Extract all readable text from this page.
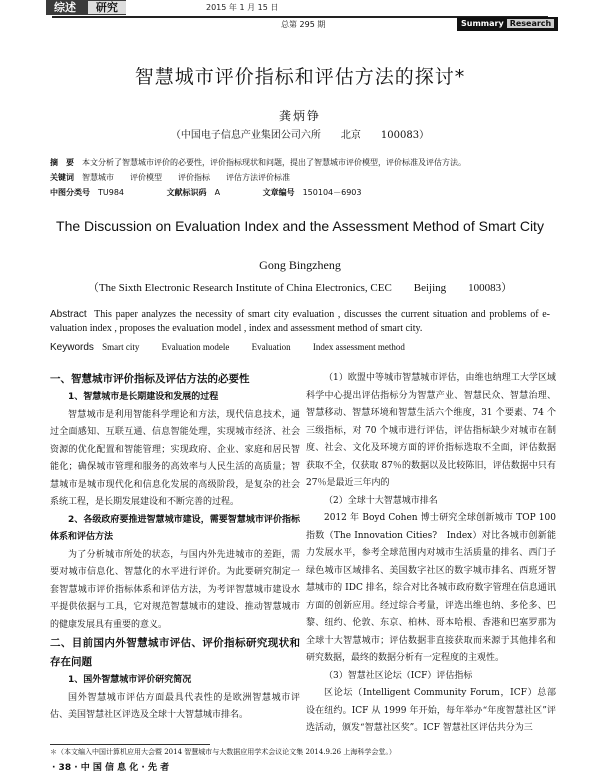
综述 研究	2015 年 1 月 15 日
总第 295 期	Summary Research
智慧城市评价指标和评估方法的探讨*
龚炳铮
（中国电子信息产业集团公司六所　　北京　　100083）
摘　要 本文分析了智慧城市评价的必要性，评价指标现状和问题，提出了智慧城市评价模型，评价标准及评估方法。
关键词 智慧城市　　评价模型　　评价指标　　评估方法评价标准
中图分类号 TU984	文献标识码 A	文章编号 150104－6903
The Discussion on Evaluation Index and the Assessment Method of Smart City
Gong Bingzheng
（The Sixth Electronic Research Institute of China Electronics, CEC　　Beijing　　100083）
Abstract This paper analyzes the necessity of smart city evaluation , discusses the current situation and problems of e-valuation index , proposes the evaluation model , index and assessment method of smart city.
Keywords Smart city Evaluation modele Evaluation Index assessment method

一、智慧城市评价指标及评估方法的必要性

1、智慧城市是长期建设和发展的过程

智慧城市是利用智能科学理论和方法，现代信息技术，通过全面感知、互联互通、信息智能处理，实现城市经济、社会资源的优化配置和智能管理；实现政府、企业、家庭和居民智能化；确保城市管理和服务的高效率与人民生活的高质量；智慧城市是城市现代化和信息化发展的高级阶段，是复杂的社会系统工程，是长期发展建设和不断完善的过程。

2、各级政府要推进智慧城市建设，需要智慧城市评价指标体系和评估方法

为了分析城市所处的状态，与国内外先进城市的差距，需要对城市信息化、智慧化的水平进行评价。为此要研究制定一套智慧城市评价指标体系和评估方法，为考评智慧城市建设水平提供依据与工具，它对规范智慧城市的建设、推动智慧城市的健康发展具有重要的意义。

二、目前国内外智慧城市评估、评价指标研究现状和存在问题

1、国外智慧城市评价研究简况

国外智慧城市评估方面最具代表性的是欧洲智慧城市评估、美国智慧社区评选及全球十大智慧城市排名。

（1）欧盟中等城市智慧城市评估，由维也纳理工大学区域科学中心提出评估指标分为智慧产业、智慧民众、智慧治理、智慧移动、智慧环境和智慧生活六个维度，31 个要素、74 个三级指标，对 70 个城市进行评估，评估指标缺少对城市在制度、社会、文化及环境方面的评价指标选取不全面，评估数据获取不全，仅获取 87％的数据以及比较陈旧，评估数据中只有 27％是最近三年内的

（2）全球十大智慧城市排名

2012 年 Boyd Cohen 博士研究全球创新城市 TOP 100 指数（The Innovation Cities?　Index）对比各城市创新能力发展水平，参考全球范围内对城市生活质量的排名、西门子绿色城市区域排名、美国数字社区的数字城市排名、西班牙智慧城市的 IDC 排名，综合对比各城市政府数字管理在信息通讯方面的创新应用。经过综合考量，评选出维也纳、多伦多、巴黎、纽约、伦敦、东京、柏林、哥本哈根、香港和巴塞罗那为全球十大智慧城市；评估数据非直接获取而来源于其他排名和研究数据，最终的数据分析有一定程度的主观性。

（3）智慧社区论坛（ICF）评估指标

区论坛（Intelligent Community Forum，ICF）总部设在纽约。ICF 从 1999 年开始，每年举办“年度智慧社区”评选活动，颁发“智慧社区奖”。ICF 智慧社区评估共分为三

＊（本文编入中国计算机应用大会暨 2014 智慧城市与大数据应用学术会议论文集 2014.9.26 上海科学会堂。）
· 38 · 中 国 信 息 化 · 先 者
